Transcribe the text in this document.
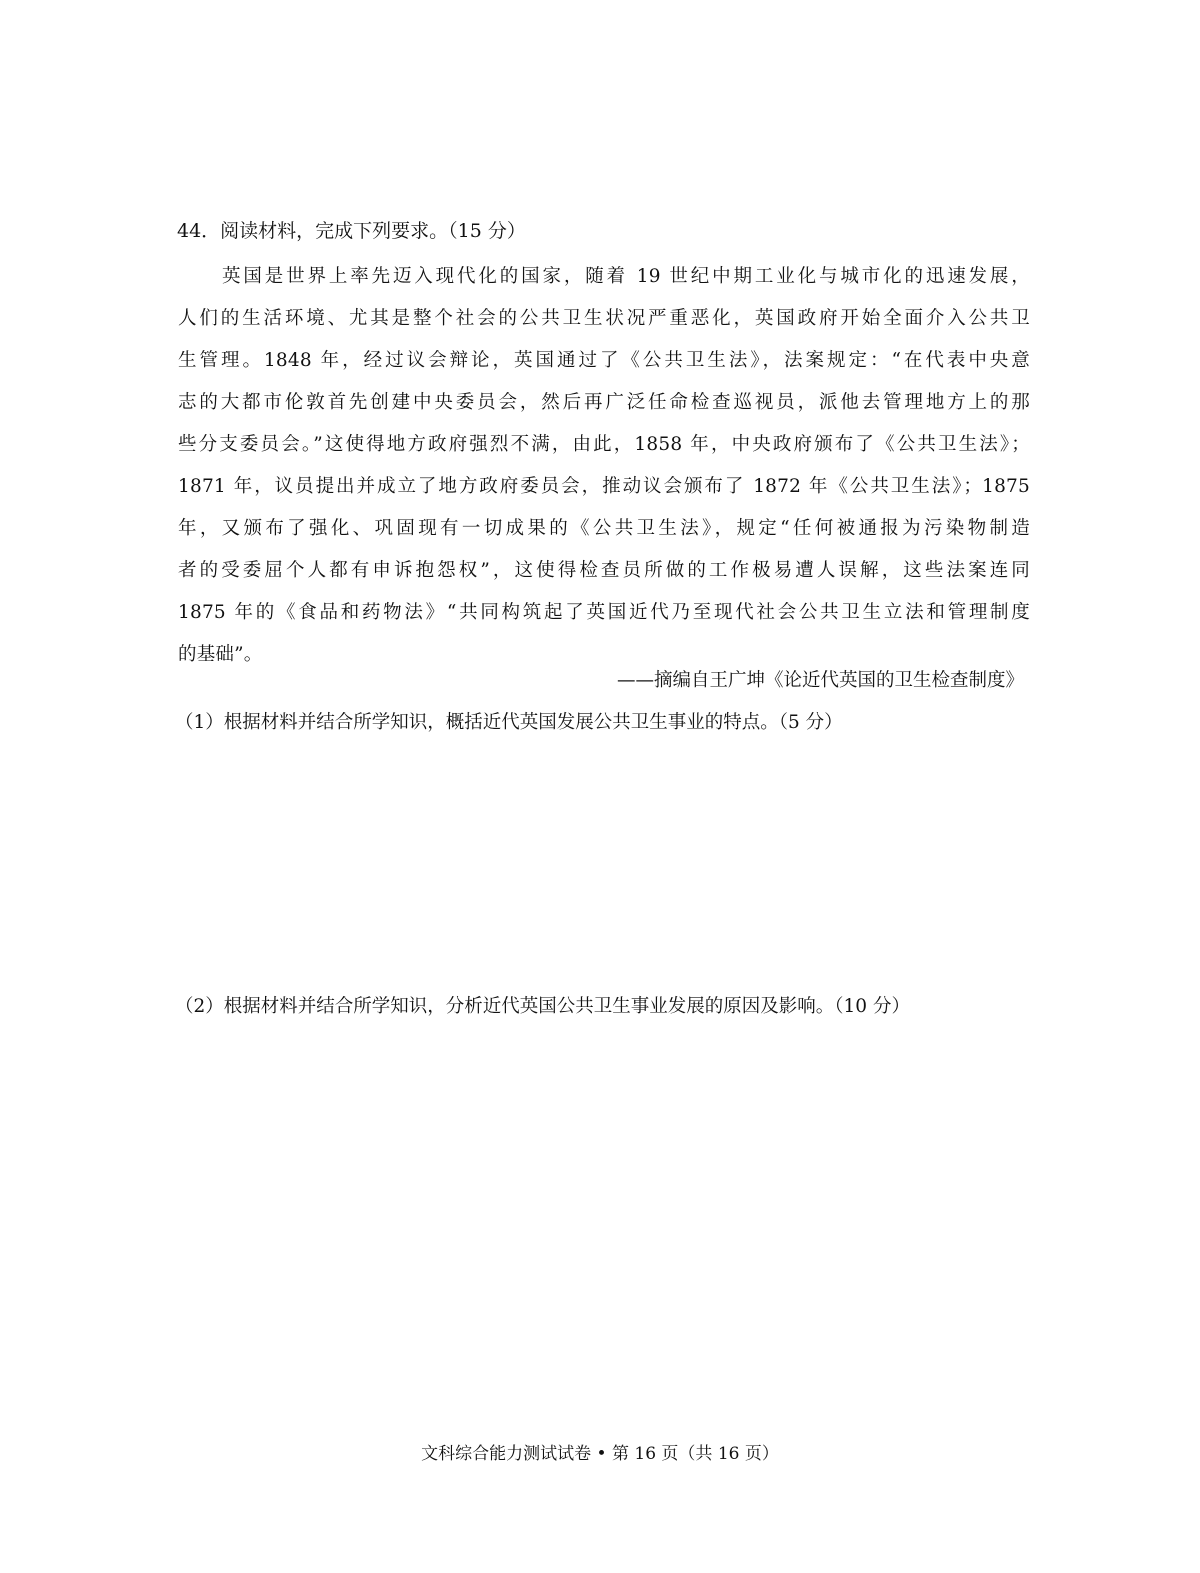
44．阅读材料，完成下列要求。（15 分）
英国是世界上率先迈入现代化的国家，随着 19 世纪中期工业化与城市化的迅速发展，
人们的生活环境、尤其是整个社会的公共卫生状况严重恶化，英国政府开始全面介入公共卫
生管理。1848 年，经过议会辩论，英国通过了《公共卫生法》，法案规定：“在代表中央意
志的大都市伦敦首先创建中央委员会，然后再广泛任命检查巡视员，派他去管理地方上的那
些分支委员会。”这使得地方政府强烈不满，由此，1858 年，中央政府颁布了《公共卫生法》；
1871 年，议员提出并成立了地方政府委员会，推动议会颁布了 1872 年《公共卫生法》；1875
年，又颁布了强化、巩固现有一切成果的《公共卫生法》，规定“任何被通报为污染物制造
者的受委屈个人都有申诉抱怨权”，这使得检查员所做的工作极易遭人误解，这些法案连同
1875 年的《食品和药物法》“共同构筑起了英国近代乃至现代社会公共卫生立法和管理制度
的基础”。
——摘编自王广坤《论近代英国的卫生检查制度》
（1）根据材料并结合所学知识，概括近代英国发展公共卫生事业的特点。（5 分）
（2）根据材料并结合所学知识，分析近代英国公共卫生事业发展的原因及影响。（10 分）
文科综合能力测试试卷 • 第 16 页（共 16 页）
